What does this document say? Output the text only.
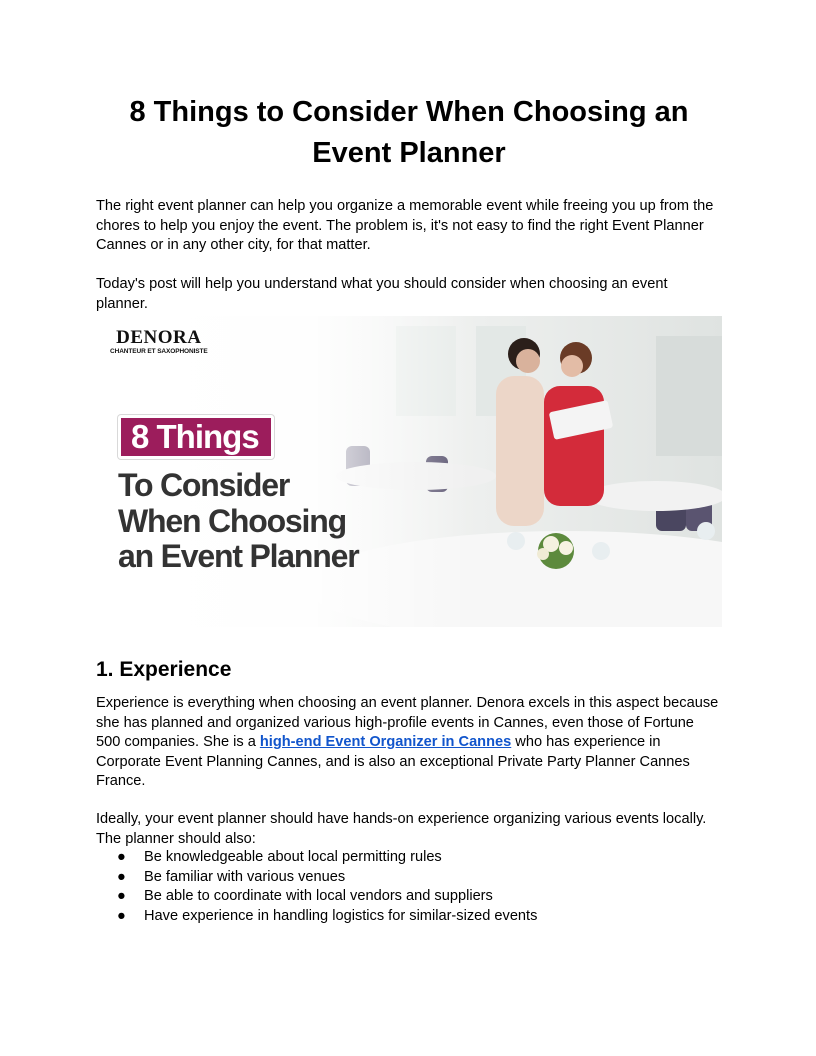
8 Things to Consider When Choosing an Event Planner

The right event planner can help you organize a memorable event while freeing you up from the chores to help you enjoy the event. The problem is, it's not easy to find the right Event Planner Cannes or in any other city, for that matter.

Today's post will help you understand what you should consider when choosing an event planner.

DENORA
CHANTEUR ET SAXOPHONISTE
8 Things
To Consider
When Choosing
an Event Planner
1. Experience

Experience is everything when choosing an event planner. Denora excels in this aspect because she has planned and organized various high-profile events in Cannes, even those of Fortune 500 companies. She is a high-end Event Organizer in Cannes who has experience in Corporate Event Planning Cannes, and is also an exceptional Private Party Planner Cannes France.

Ideally, your event planner should have hands-on experience organizing various events locally. The planner should also:

● Be knowledgeable about local permitting rules
● Be familiar with various venues
● Be able to coordinate with local vendors and suppliers
● Have experience in handling logistics for similar-sized events
